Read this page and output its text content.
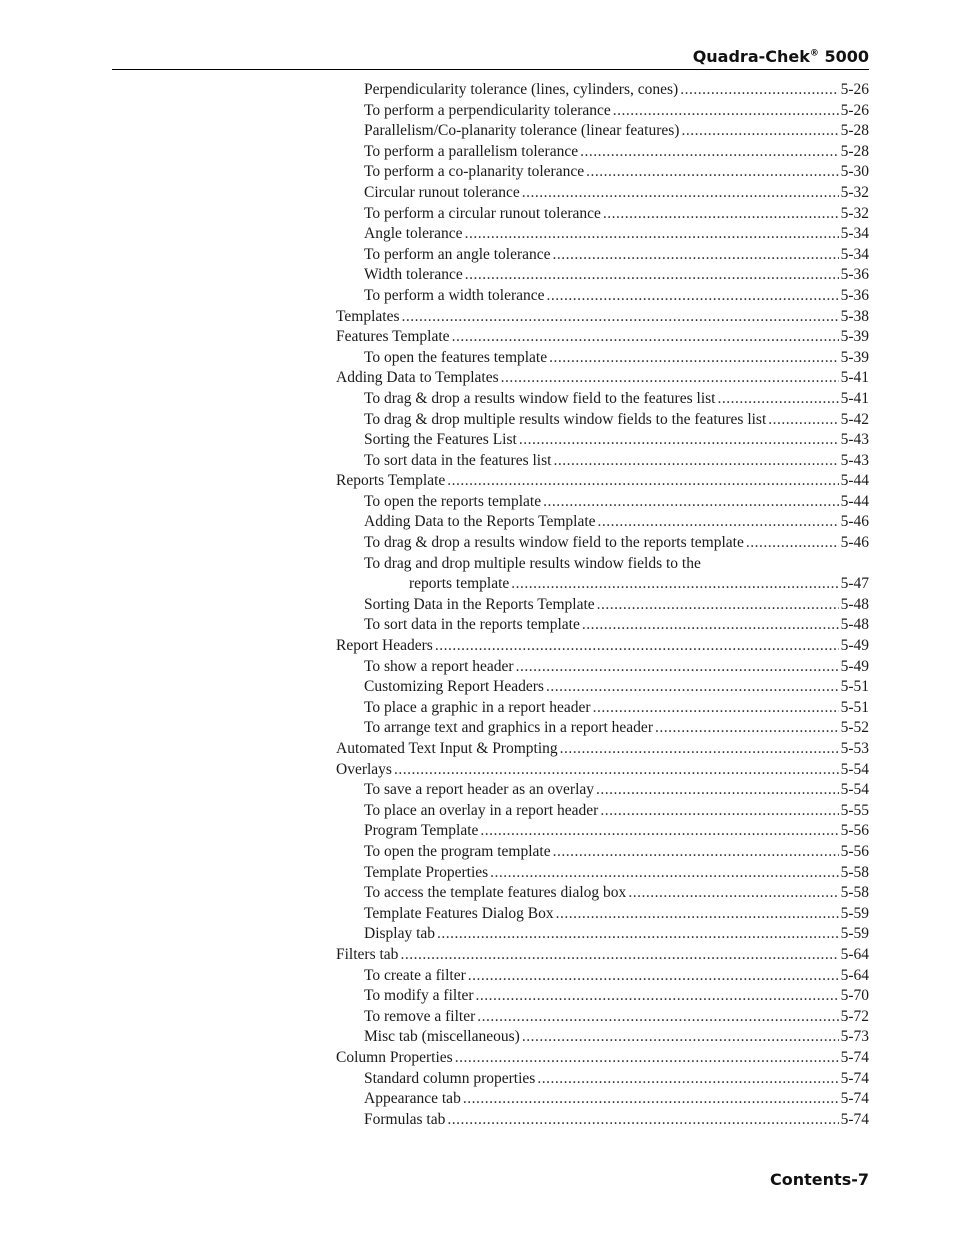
Quadra-Chek® 5000
Perpendicularity tolerance (lines, cylinders, cones) .....	5-26
To perform a perpendicularity tolerance .....	5-26
Parallelism/Co-planarity tolerance (linear features) .....	5-28
To perform a parallelism tolerance .....	5-28
To perform a co-planarity tolerance .....	5-30
Circular runout tolerance .....	5-32
To perform a circular runout tolerance .....	5-32
Angle tolerance .....	5-34
To perform an angle tolerance .....	5-34
Width tolerance .....	5-36
To perform a width tolerance .....	5-36
Templates .....	5-38
Features Template .....	5-39
To open the features template .....	5-39
Adding Data to Templates .....	5-41
To drag & drop a results window field to the features list .....	5-41
To drag & drop multiple results window fields to the features list .....	5-42
Sorting the Features List .....	5-43
To sort data in the features list .....	5-43
Reports Template .....	5-44
To open the reports template .....	5-44
Adding Data to the Reports Template .....	5-46
To drag & drop a results window field to the reports template .....	5-46
To drag and drop multiple results window fields to the
reports template .....	5-47
Sorting Data in the Reports Template .....	5-48
To sort data in the reports template .....	5-48
Report Headers .....	5-49
To show a report header .....	5-49
Customizing Report Headers .....	5-51
To place a graphic in a report header .....	5-51
To arrange text and graphics in a report header .....	5-52
Automated Text Input & Prompting .....	5-53
Overlays .....	5-54
To save a report header as an overlay .....	5-54
To place an overlay in a report header .....	5-55
Program Template .....	5-56
To open the program template .....	5-56
Template Properties .....	5-58
To access the template features dialog box .....	5-58
Template Features Dialog Box .....	5-59
Display tab .....	5-59
Filters tab .....	5-64
To create a filter .....	5-64
To modify a filter .....	5-70
To remove a filter .....	5-72
Misc tab (miscellaneous) .....	5-73
Column Properties .....	5-74
Standard column properties .....	5-74
Appearance tab .....	5-74
Formulas tab .....	5-74
Contents-7
